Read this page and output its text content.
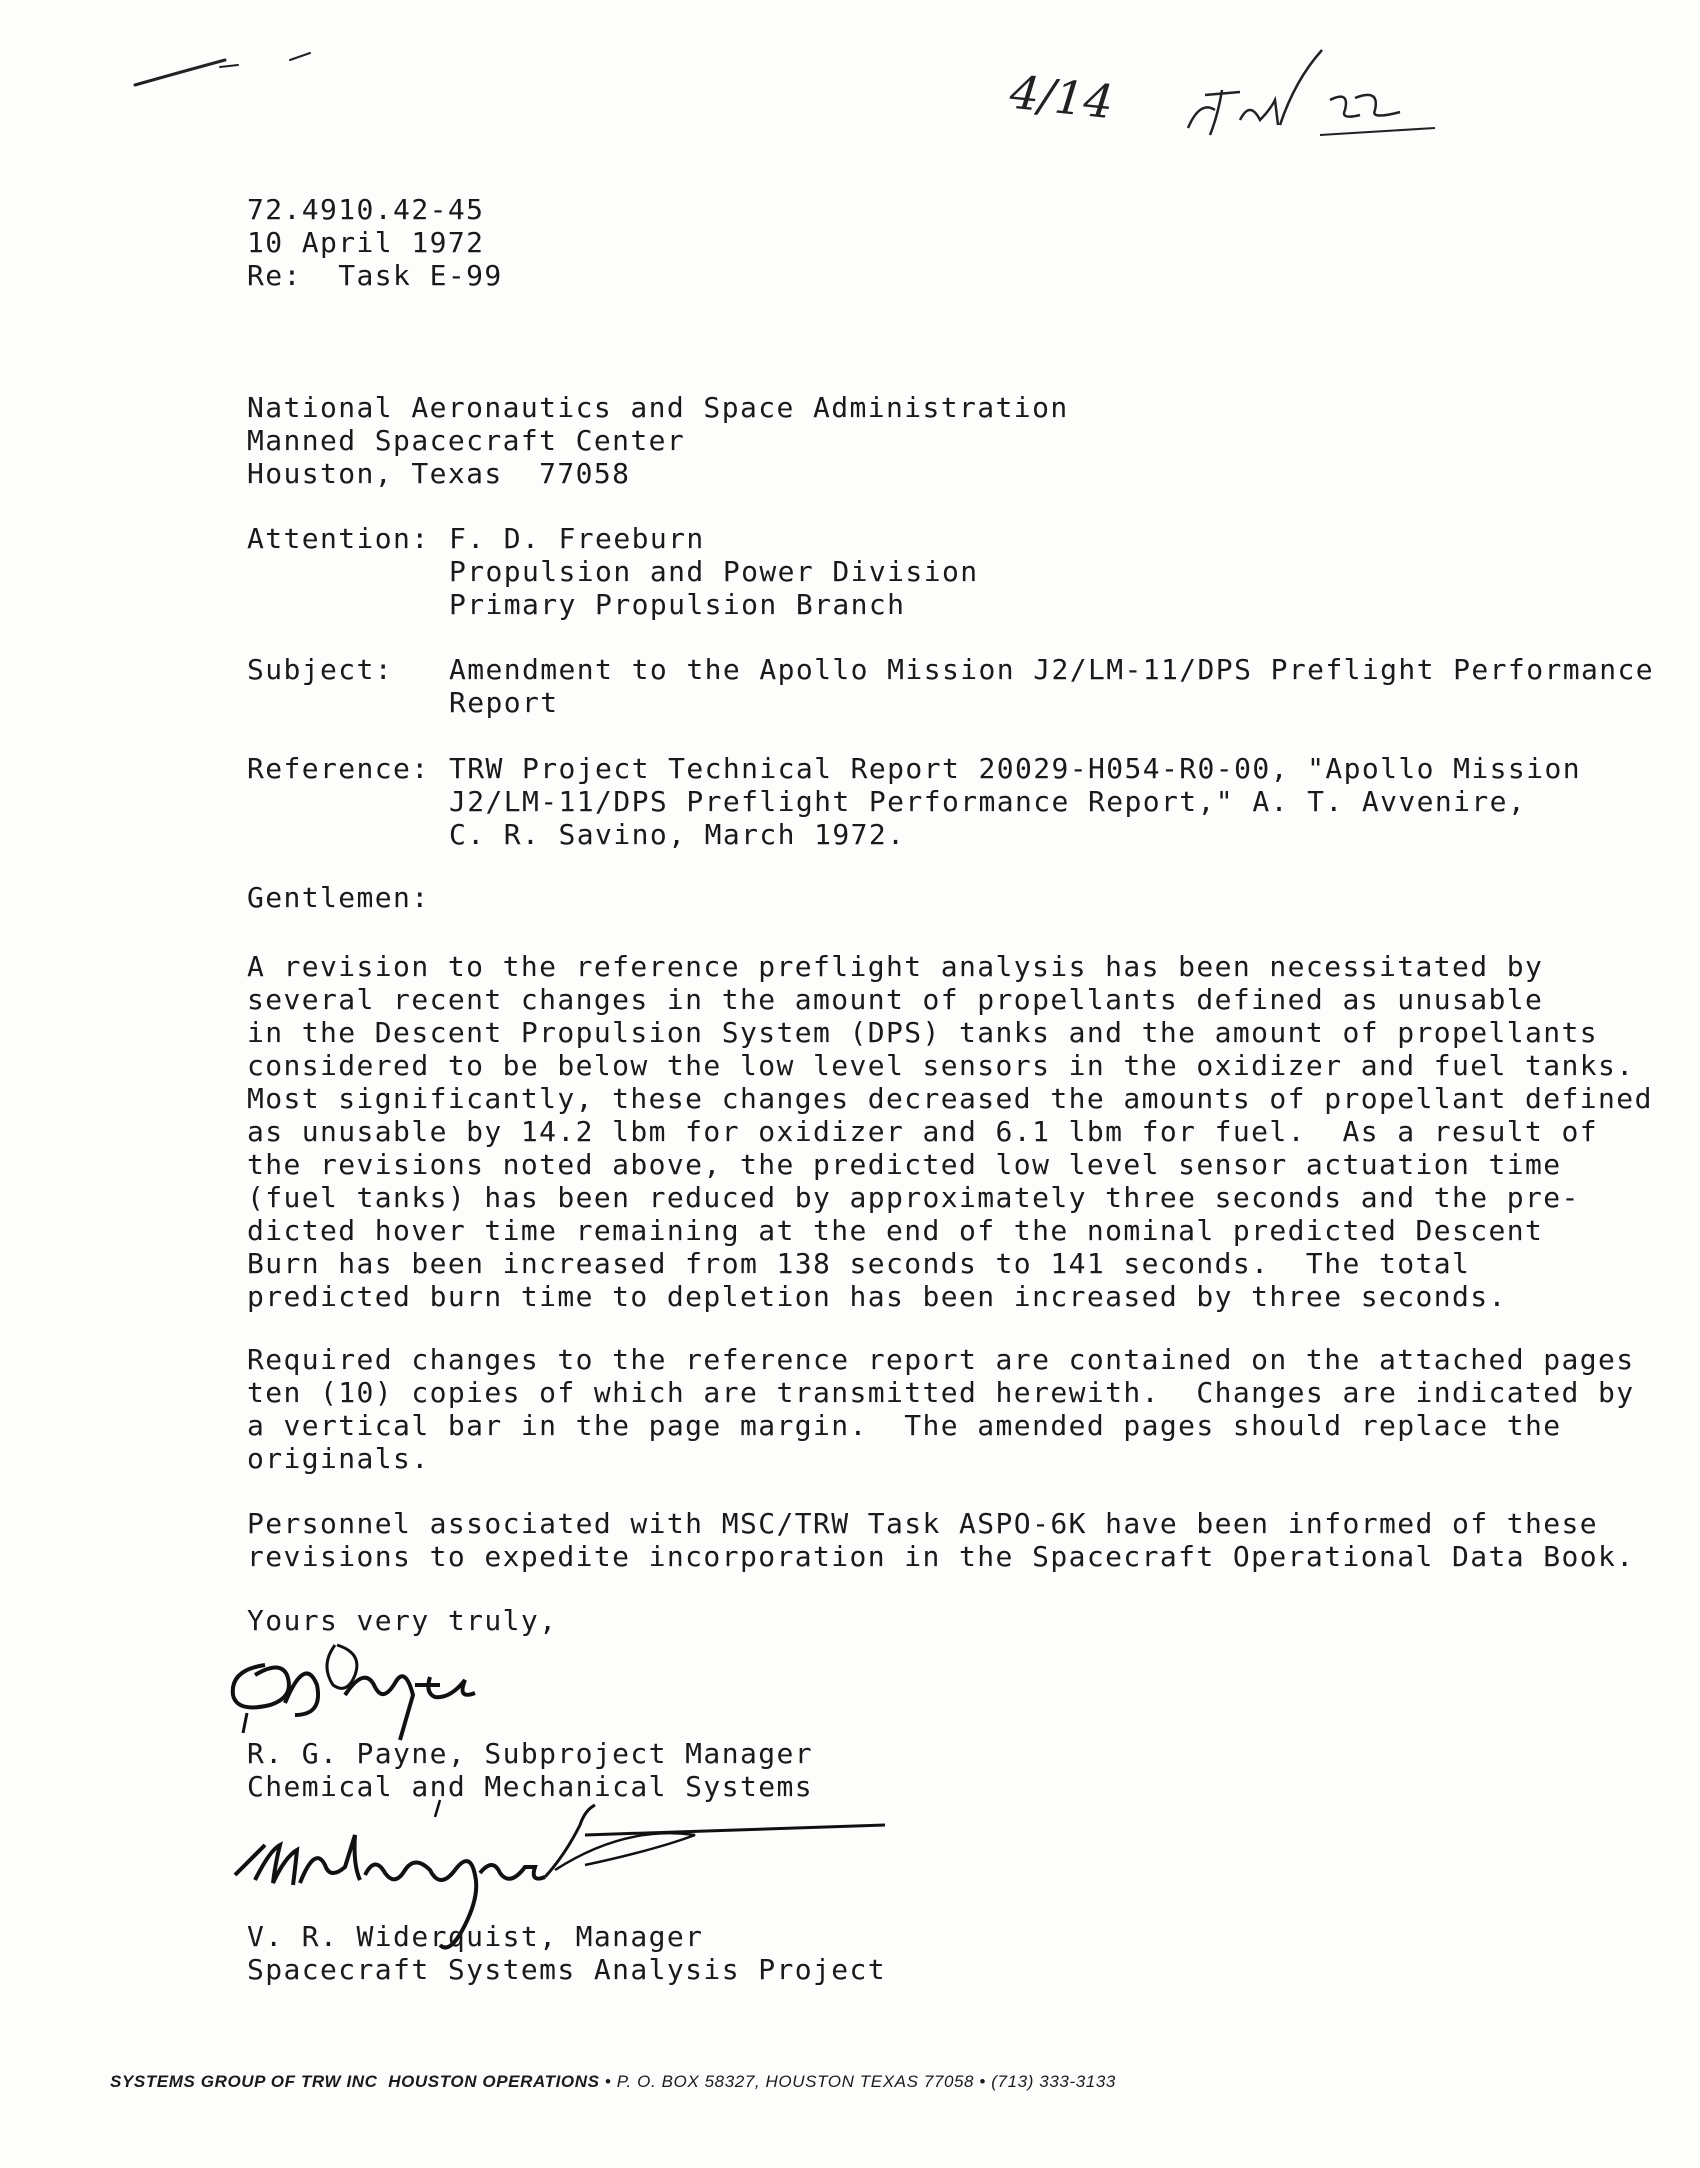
4/14
72.4910.42-45
10 April 1972
Re:  Task E-99
National Aeronautics and Space Administration
Manned Spacecraft Center
Houston, Texas  77058
Attention: F. D. Freeburn
Propulsion and Power Division
Primary Propulsion Branch
Subject:	Amendment to the Apollo Mission J2/LM-11/DPS Preflight Performance
Report
Reference: TRW Project Technical Report 20029-H054-R0-00, "Apollo Mission
J2/LM-11/DPS Preflight Performance Report," A. T. Avvenire,
C. R. Savino, March 1972.
Gentlemen:
A revision to the reference preflight analysis has been necessitated by
several recent changes in the amount of propellants defined as unusable
in the Descent Propulsion System (DPS) tanks and the amount of propellants
considered to be below the low level sensors in the oxidizer and fuel tanks.
Most significantly, these changes decreased the amounts of propellant defined
as unusable by 14.2 lbm for oxidizer and 6.1 lbm for fuel.  As a result of
the revisions noted above, the predicted low level sensor actuation time
(fuel tanks) has been reduced by approximately three seconds and the pre-
dicted hover time remaining at the end of the nominal predicted Descent
Burn has been increased from 138 seconds to 141 seconds.  The total
predicted burn time to depletion has been increased by three seconds.
Required changes to the reference report are contained on the attached pages
ten (10) copies of which are transmitted herewith.  Changes are indicated by
a vertical bar in the page margin.  The amended pages should replace the
originals.
Personnel associated with MSC/TRW Task ASPO-6K have been informed of these
revisions to expedite incorporation in the Spacecraft Operational Data Book.
Yours very truly,
R. G. Payne, Subproject Manager
Chemical and Mechanical Systems
V. R. Widerquist, Manager
Spacecraft Systems Analysis Project
SYSTEMS GROUP OF TRW INC HOUSTON OPERATIONS • P. O. BOX 58327, HOUSTON TEXAS 77058 • (713) 333-3133
